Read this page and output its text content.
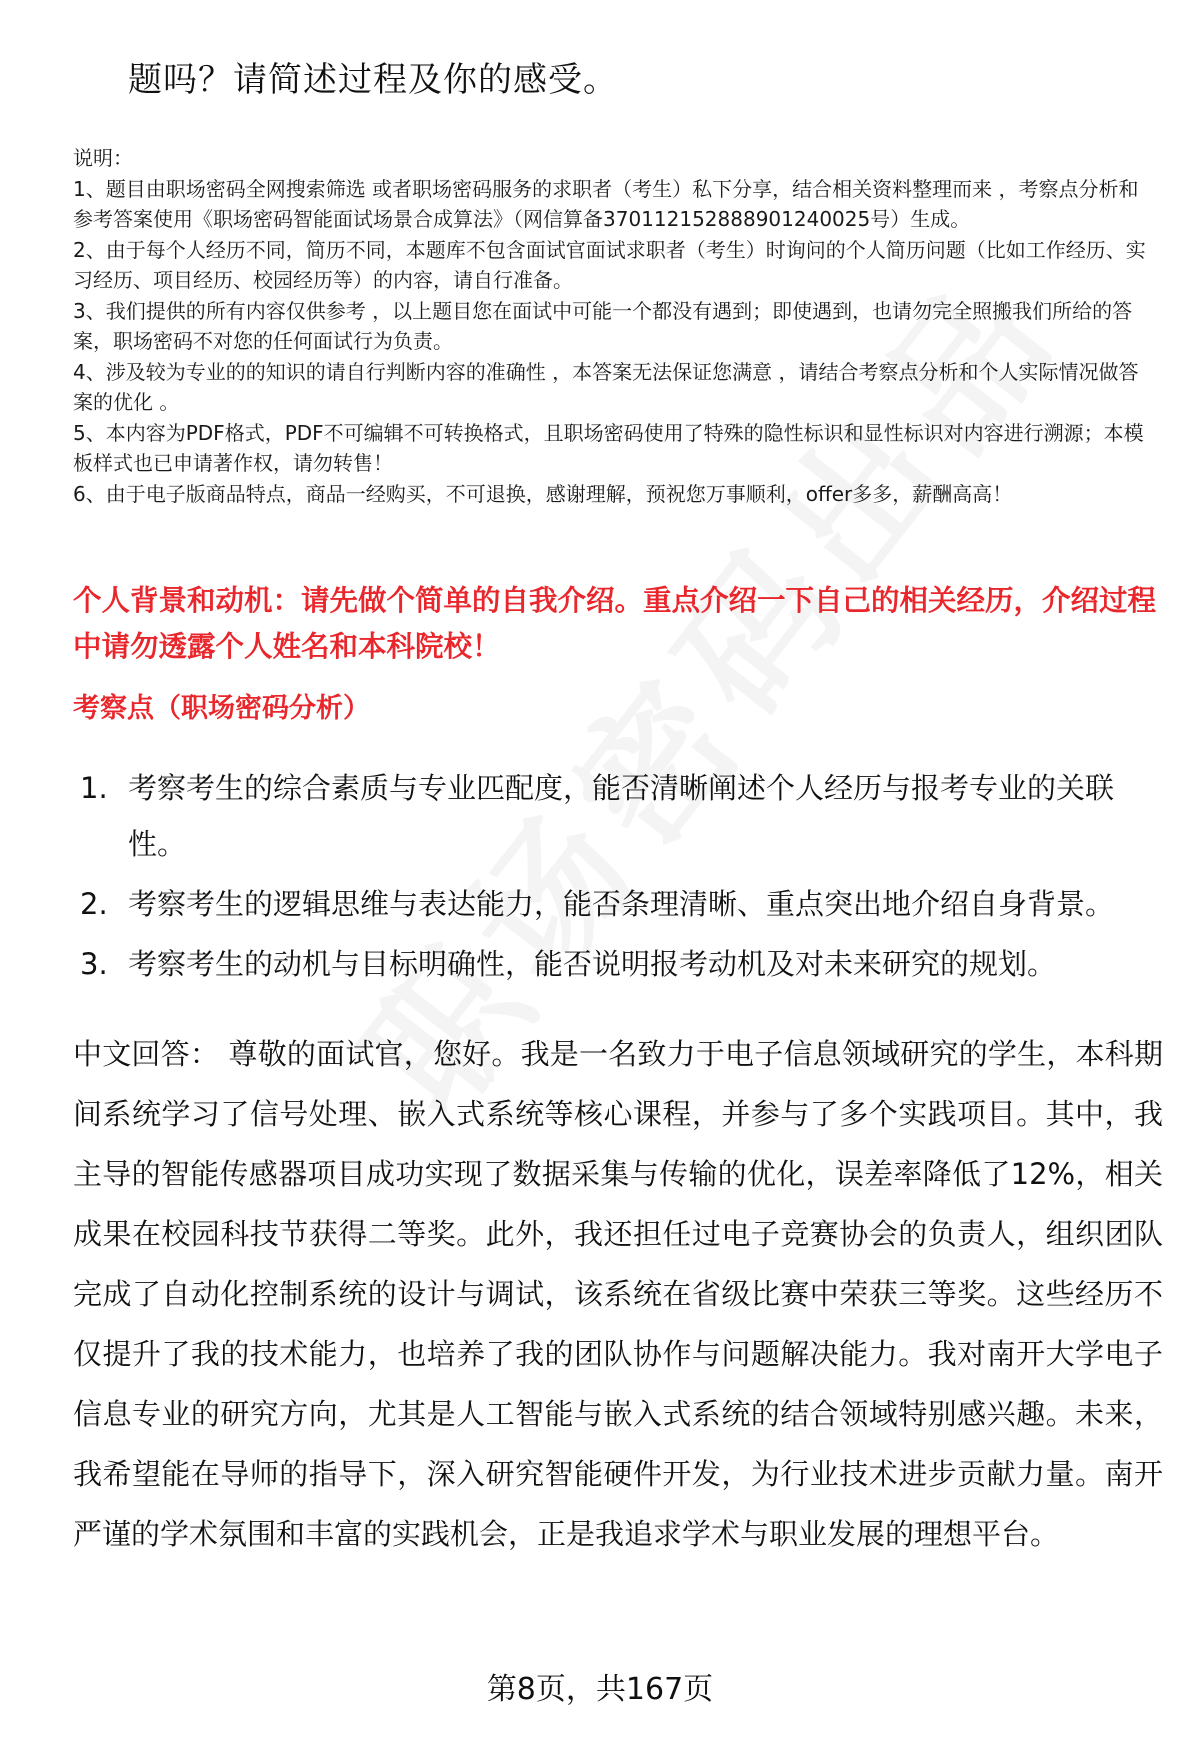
题吗？请简述过程及你的感受。

说明：

1、题目由职场密码全网搜索筛选 或者职场密码服务的求职者（考生）私下分享，结合相关资料整理而来 ，考察点分析和参考答案使用《职场密码智能面试场景合成算法》（网信算备370112152888901240025号）生成。

2、由于每个人经历不同，简历不同，本题库不包含面试官面试求职者（考生）时询问的个人简历问题（比如工作经历、实习经历、项目经历、校园经历等）的内容，请自行准备。

3、我们提供的所有内容仅供参考 ，以上题目您在面试中可能一个都没有遇到；即使遇到，也请勿完全照搬我们所给的答案，职场密码不对您的任何面试行为负责。

4、涉及较为专业的的知识的请自行判断内容的准确性 ，本答案无法保证您满意 ，请结合考察点分析和个人实际情况做答案的优化 。

5、本内容为PDF格式，PDF不可编辑不可转换格式，且职场密码使用了特殊的隐性标识和显性标识对内容进行溯源；本模板样式也已申请著作权，请勿转售！

6、由于电子版商品特点，商品一经购买，不可退换，感谢理解，预祝您万事顺利，offer多多，薪酬高高！

个人背景和动机：请先做个简单的自我介绍。重点介绍一下自己的相关经历，介绍过程中请勿透露个人姓名和本科院校！
考察点（职场密码分析）
1. 考察考生的综合素质与专业匹配度，能否清晰阐述个人经历与报考专业的关联性。
2. 考察考生的逻辑思维与表达能力，能否条理清晰、重点突出地介绍自身背景。
3. 考察考生的动机与目标明确性，能否说明报考动机及对未来研究的规划。

中文回答： 尊敬的面试官，您好。我是一名致力于电子信息领域研究的学生，本科期间系统学习了信号处理、嵌入式系统等核心课程，并参与了多个实践项目。其中，我主导的智能传感器项目成功实现了数据采集与传输的优化，误差率降低了12%，相关成果在校园科技节获得二等奖。此外，我还担任过电子竞赛协会的负责人，组织团队完成了自动化控制系统的设计与调试，该系统在省级比赛中荣获三等奖。这些经历不仅提升了我的技术能力，也培养了我的团队协作与问题解决能力。我对南开大学电子信息专业的研究方向，尤其是人工智能与嵌入式系统的结合领域特别感兴趣。未来，我希望能在导师的指导下，深入研究智能硬件开发，为行业技术进步贡献力量。南开严谨的学术氛围和丰富的实践机会，正是我追求学术与职业发展的理想平台。

第8页，共167页
